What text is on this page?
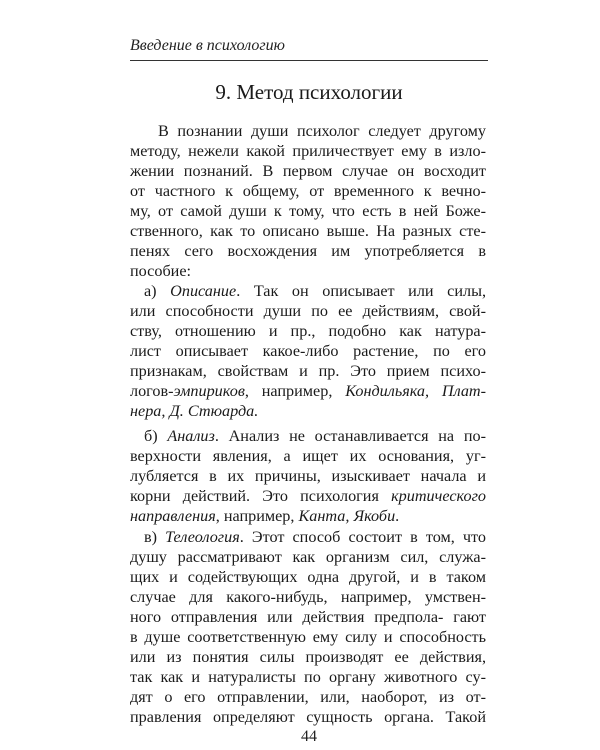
Введение в психологию
9. Метод психологии
В познании души психолог следует другому
методу, нежели какой приличествует ему в изло-
жении познаний. В первом случае он восходит
от частного к общему, от временного к вечно-
му, от самой души к тому, что есть в ней Боже-
ственного, как то описано выше. На разных сте-
пенях сего восхождения им употребляется в
пособие:
а) Описание. Так он описывает или силы,
или способности души по ее действиям, свой-
ству, отношению и пр., подобно как натура-
лист описывает какое-либо растение, по его
признакам, свойствам и пр. Это прием психо-
логов-эмпириков, например, Кондильяка, Плат-
нера, Д. Стюарда.
б) Анализ. Анализ не останавливается на по-
верхности явления, а ищет их основания, уг-
лубляется в их причины, изыскивает начала и
корни действий. Это психология критического
направления, например, Канта, Якоби.
в) Телеология. Этот способ состоит в том, что
душу рассматривают как организм сил, служа-
щих и содействующих одна другой, и в таком
случае для какого-нибудь, например, умствен-
ного отправления или действия предпола- гают
в душе соответственную ему силу и способность
или из понятия силы производят ее действия,
так как и натуралисты по органу животного су-
дят о его отправлении, или, наоборот, из от-
правления определяют сущность органа. Такой
44
